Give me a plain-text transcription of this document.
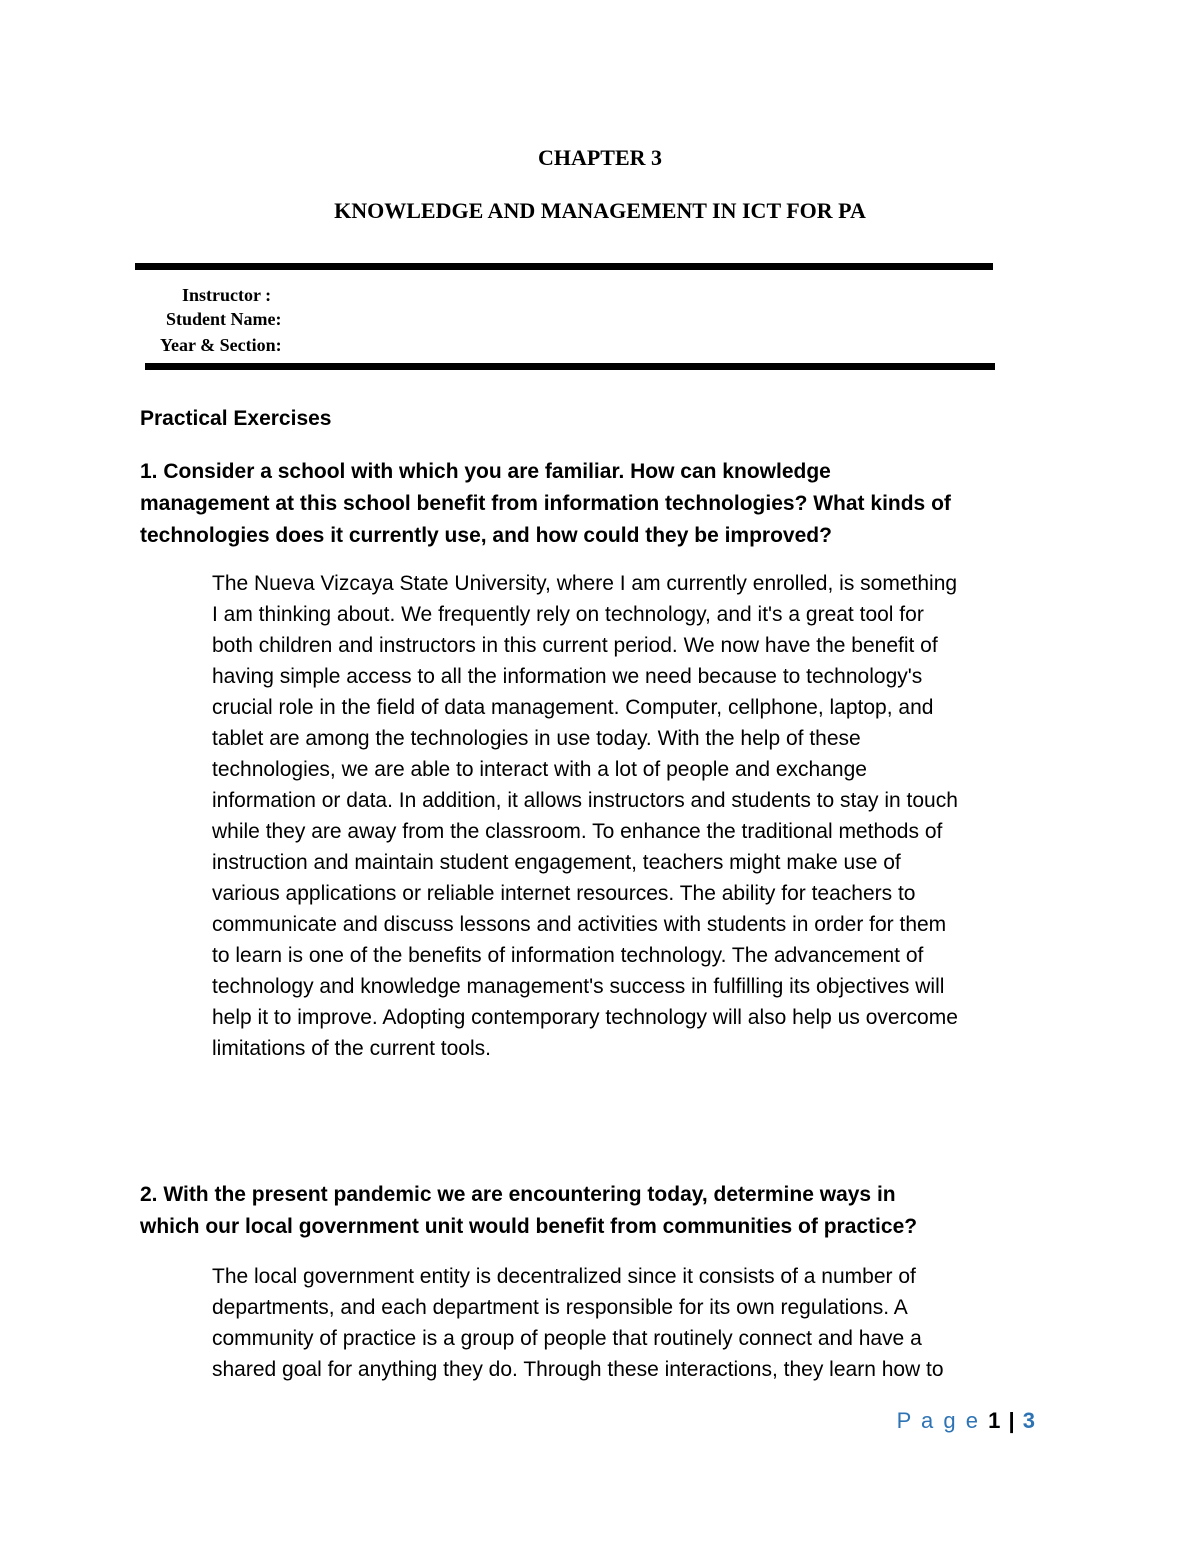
CHAPTER 3
KNOWLEDGE AND MANAGEMENT IN ICT FOR PA
Instructor :
Student Name:
Year & Section:
Practical Exercises
1. Consider a school with which you are familiar. How can knowledge
management at this school benefit from information technologies? What kinds of
technologies does it currently use, and how could they be improved?
The Nueva Vizcaya State University, where I am currently enrolled, is something
I am thinking about. We frequently rely on technology, and it's a great tool for
both children and instructors in this current period. We now have the benefit of
having simple access to all the information we need because to technology's
crucial role in the field of data management. Computer, cellphone, laptop, and
tablet are among the technologies in use today. With the help of these
technologies, we are able to interact with a lot of people and exchange
information or data. In addition, it allows instructors and students to stay in touch
while they are away from the classroom. To enhance the traditional methods of
instruction and maintain student engagement, teachers might make use of
various applications or reliable internet resources. The ability for teachers to
communicate and discuss lessons and activities with students in order for them
to learn is one of the benefits of information technology. The advancement of
technology and knowledge management's success in fulfilling its objectives will
help it to improve. Adopting contemporary technology will also help us overcome
limitations of the current tools.
2. With the present pandemic we are encountering today, determine ways in
which our local government unit would benefit from communities of practice?
The local government entity is decentralized since it consists of a number of
departments, and each department is responsible for its own regulations. A
community of practice is a group of people that routinely connect and have a
shared goal for anything they do. Through these interactions, they learn how to
P a g e 1 | 3
